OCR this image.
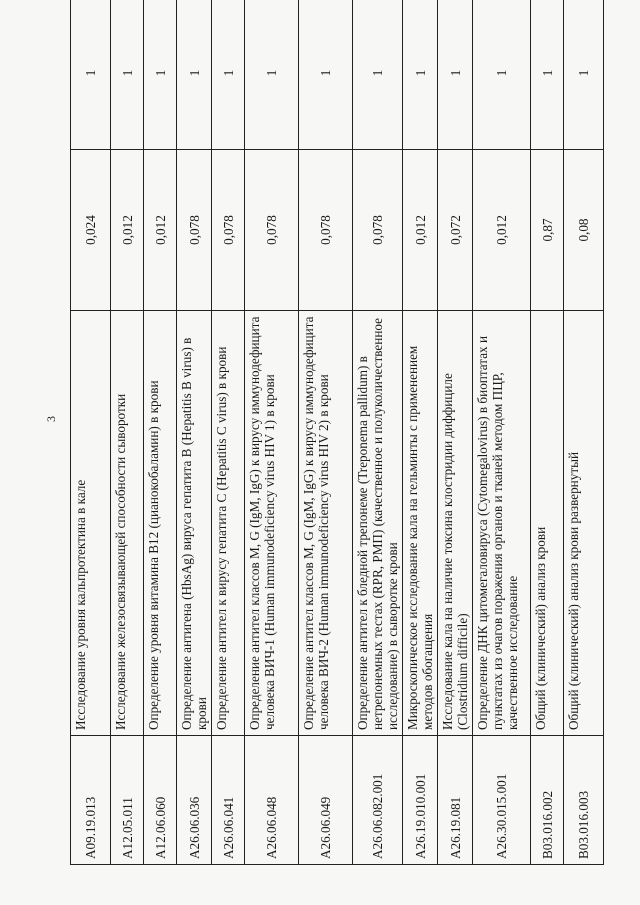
3
A09.19.013	Исследование уровня кальпротектина в кале	0,024	1
A12.05.011	Исследование железосвязывающей способности сыворотки	0,012	1
A12.06.060	Определение уровня витамина B12 (цианокобаламин) в крови	0,012	1
A26.06.036	Определение антигена (HbsAg) вируса гепатита B (Hepatitis B virus) в крови	0,078	1
A26.06.041	Определение антител к вирусу гепатита C (Hepatitis C virus) в крови	0,078	1
A26.06.048	Определение антител классов M, G (IgM, IgG) к вирусу иммунодефицита человека ВИЧ-1 (Human immunodeficiency virus HIV 1) в крови	0,078	1
A26.06.049	Определение антител классов M, G (IgM, IgG) к вирусу иммунодефицита человека ВИЧ-2 (Human immunodeficiency virus HIV 2) в крови	0,078	1
A26.06.082.001	Определение антител к бледной трепонеме (Treponema pallidum) в нетрепонемных тестах (RPR, РМП) (качественное и полуколичественное исследование) в сыворотке крови	0,078	1
A26.19.010.001	Микроскопическое исследование кала на гельминты с применением методов обогащения	0,012	1
A26.19.081	Исследование кала на наличие токсина клостридии диффициле (Clostridium difficile)	0,072	1
A26.30.015.001	Определение ДНК цитомегаловируса (Cytomegalovirus) в биоптатах и пунктатах из очагов поражения органов и тканей методом ПЦР, качественное исследование	0,012	1
B03.016.002	Общий (клинический) анализ крови	0,87	1
B03.016.003	Общий (клинический) анализ крови развернутый	0,08	1
